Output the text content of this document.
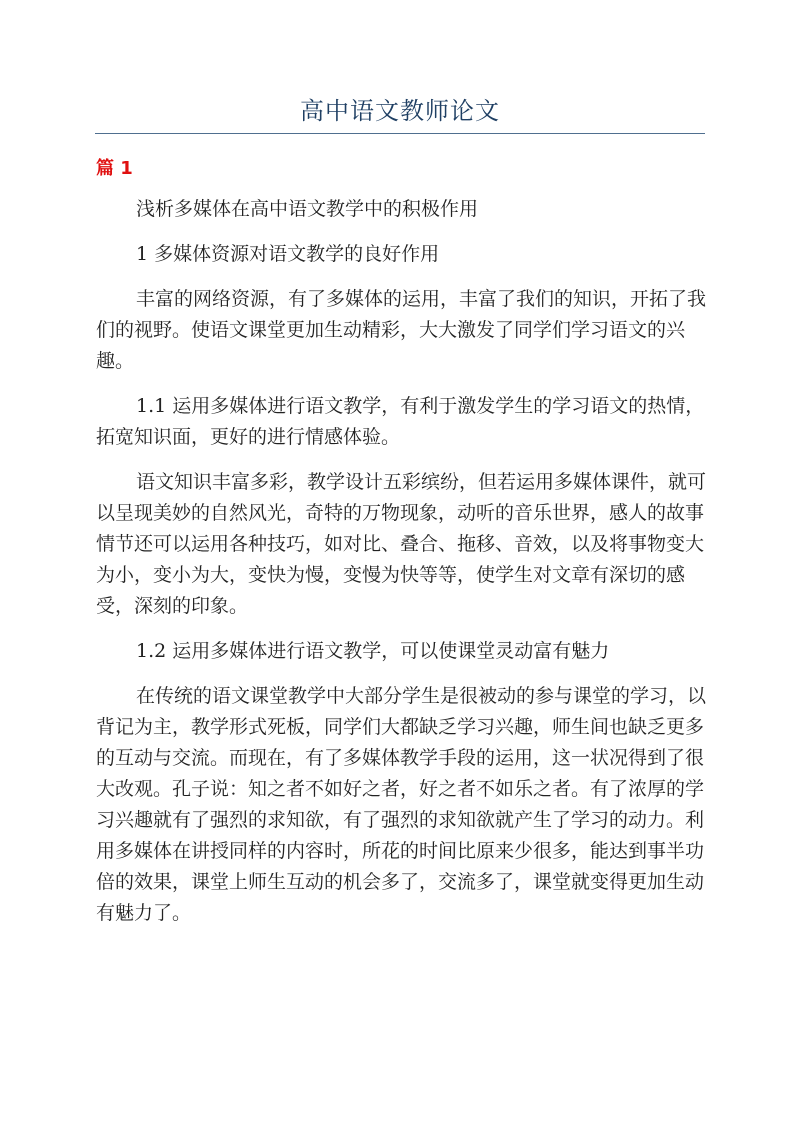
高中语文教师论文
篇 1

浅析多媒体在高中语文教学中的积极作用

1 多媒体资源对语文教学的良好作用

丰富的网络资源，有了多媒体的运用，丰富了我们的知识，开拓了我们的视野。使语文课堂更加生动精彩，大大激发了同学们学习语文的兴趣。

1.1 运用多媒体进行语文教学，有利于激发学生的学习语文的热情，拓宽知识面，更好的进行情感体验。

语文知识丰富多彩，教学设计五彩缤纷，但若运用多媒体课件，就可以呈现美妙的自然风光，奇特的万物现象，动听的音乐世界，感人的故事情节还可以运用各种技巧，如对比、叠合、拖移、音效，以及将事物变大为小，变小为大，变快为慢，变慢为快等等，使学生对文章有深切的感受，深刻的印象。

1.2 运用多媒体进行语文教学，可以使课堂灵动富有魅力

在传统的语文课堂教学中大部分学生是很被动的参与课堂的学习，以背记为主，教学形式死板，同学们大都缺乏学习兴趣，师生间也缺乏更多的互动与交流。而现在，有了多媒体教学手段的运用，这一状况得到了很大改观。孔子说：知之者不如好之者，好之者不如乐之者。有了浓厚的学习兴趣就有了强烈的求知欲，有了强烈的求知欲就产生了学习的动力。利用多媒体在讲授同样的内容时，所花的时间比原来少很多，能达到事半功倍的效果，课堂上师生互动的机会多了，交流多了，课堂就变得更加生动有魅力了。
